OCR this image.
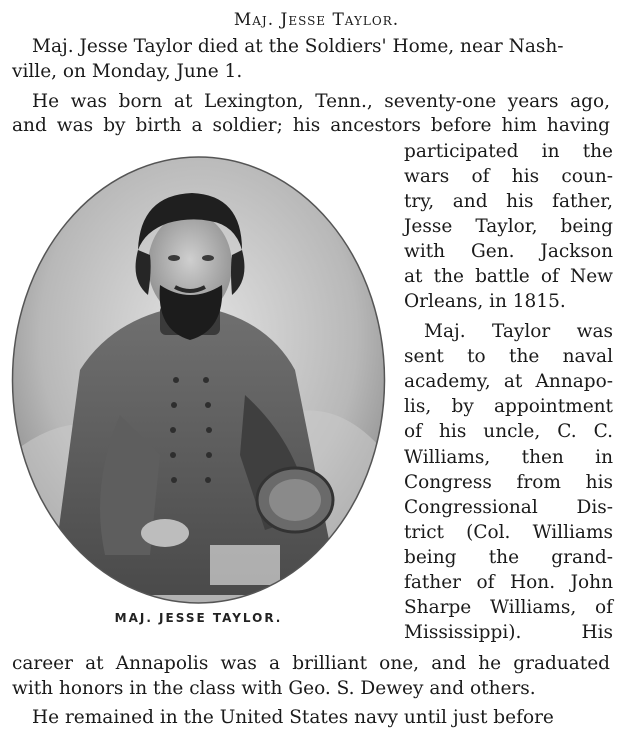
Maj. Jesse Taylor.
Maj. Jesse Taylor died at the Soldiers' Home, near Nash-
ville, on Monday, June 1.
He was born at Lexington, Tenn., seventy-one years ago,
and was by birth a soldier; his ancestors before him having
participated in the
wars of his coun-
try, and his father,
Jesse Taylor, being
with Gen. Jackson
at the battle of New
Orleans, in 1815.
Maj. Taylor was
sent to the naval
academy, at Annapo-
lis, by appointment
of his uncle, C. C.
Williams, then in
Congress from his
Congressional Dis-
trict (Col. Williams
being the grand-
father of Hon. John
Sharpe Williams, of
Mississippi). His
career at Annapolis was a brilliant one, and he graduated
with honors in the class with Geo. S. Dewey and others.
He remained in the United States navy until just before
MAJ. JESSE TAYLOR.
